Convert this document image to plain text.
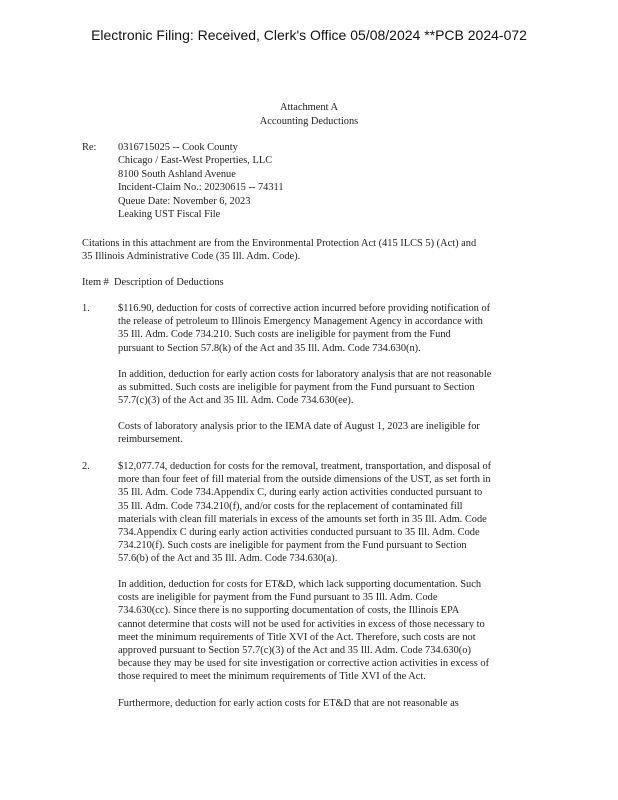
Electronic Filing: Received, Clerk's Office 05/08/2024 **PCB 2024-072
Attachment A
Accounting Deductions
Re: 0316715025 -- Cook County
Chicago / East-West Properties, LLC
8100 South Ashland Avenue
Incident-Claim No.: 20230615 -- 74311
Queue Date: November 6, 2023
Leaking UST Fiscal File
Citations in this attachment are from the Environmental Protection Act (415 ILCS 5) (Act) and
35 Illinois Administrative Code (35 Ill. Adm. Code).
Item #  Description of Deductions
1.	$116.90, deduction for costs of corrective action incurred before providing notification of
the release of petroleum to Illinois Emergency Management Agency in accordance with
35 Ill. Adm. Code 734.210. Such costs are ineligible for payment from the Fund
pursuant to Section 57.8(k) of the Act and 35 Ill. Adm. Code 734.630(n).
In addition, deduction for early action costs for laboratory analysis that are not reasonable
as submitted. Such costs are ineligible for payment from the Fund pursuant to Section
57.7(c)(3) of the Act and 35 Ill. Adm. Code 734.630(ee).
Costs of laboratory analysis prior to the IEMA date of August 1, 2023 are ineligible for
reimbursement.
2.	$12,077.74, deduction for costs for the removal, treatment, transportation, and disposal of
more than four feet of fill material from the outside dimensions of the UST, as set forth in
35 Ill. Adm. Code 734.Appendix C, during early action activities conducted pursuant to
35 Ill. Adm. Code 734.210(f), and/or costs for the replacement of contaminated fill
materials with clean fill materials in excess of the amounts set forth in 35 Ill. Adm. Code
734.Appendix C during early action activities conducted pursuant to 35 Ill. Adm. Code
734.210(f). Such costs are ineligible for payment from the Fund pursuant to Section
57.6(b) of the Act and 35 Ill. Adm. Code 734.630(a).
In addition, deduction for costs for ET&D, which lack supporting documentation. Such
costs are ineligible for payment from the Fund pursuant to 35 Ill. Adm. Code
734.630(cc). Since there is no supporting documentation of costs, the Illinois EPA
cannot determine that costs will not be used for activities in excess of those necessary to
meet the minimum requirements of Title XVI of the Act. Therefore, such costs are not
approved pursuant to Section 57.7(c)(3) of the Act and 35 Ill. Adm. Code 734.630(o)
because they may be used for site investigation or corrective action activities in excess of
those required to meet the minimum requirements of Title XVI of the Act.
Furthermore, deduction for early action costs for ET&D that are not reasonable as
